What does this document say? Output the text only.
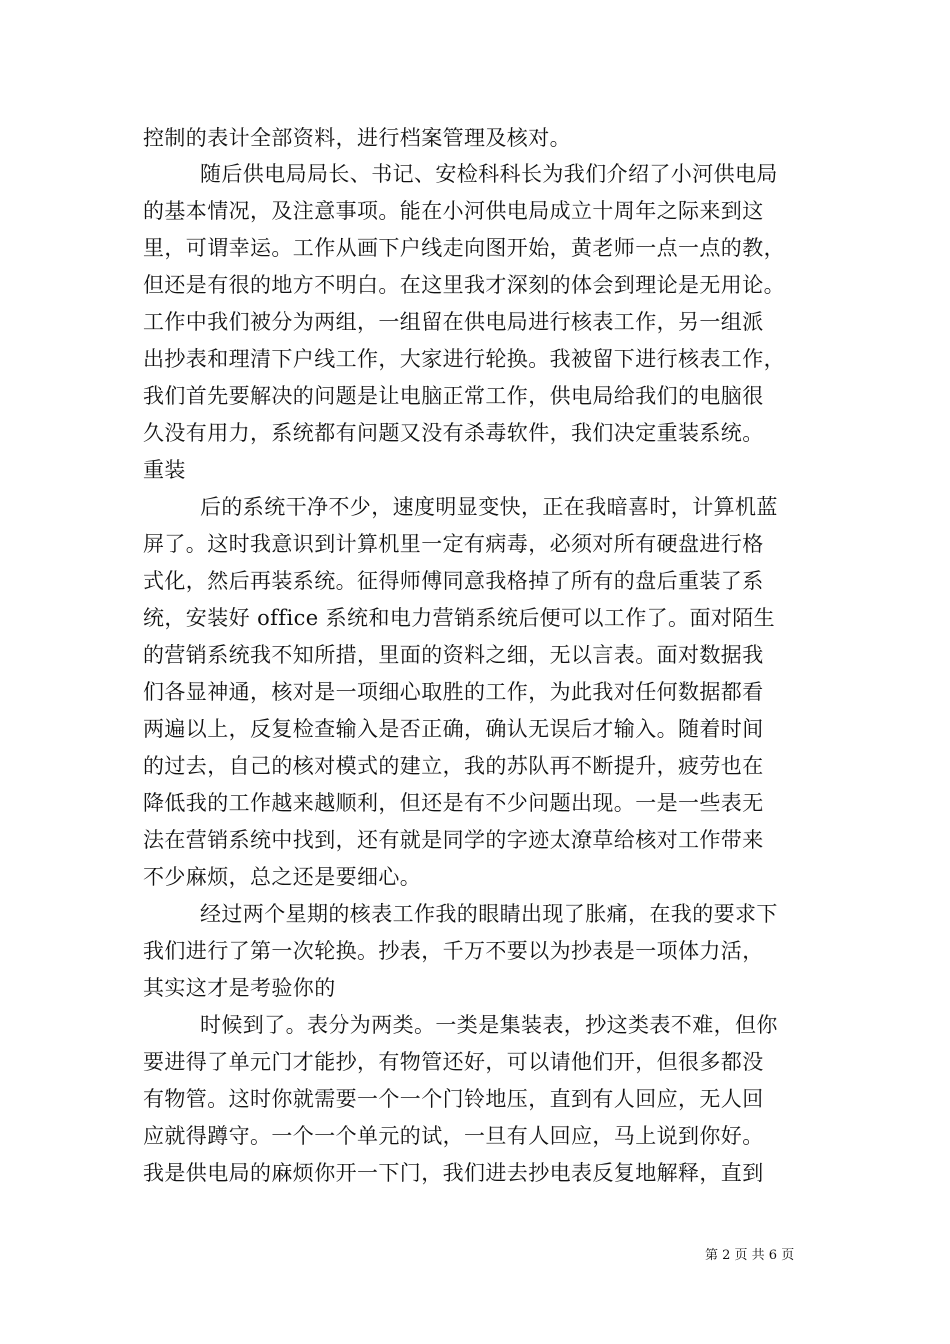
控制的表计全部资料，进行档案管理及核对。
随后供电局局长、书记、安检科科长为我们介绍了小河供电局
的基本情况，及注意事项。能在小河供电局成立十周年之际来到这
里，可谓幸运。工作从画下户线走向图开始，黄老师一点一点的教，
但还是有很的地方不明白。在这里我才深刻的体会到理论是无用论。
工作中我们被分为两组，一组留在供电局进行核表工作，另一组派
出抄表和理清下户线工作，大家进行轮换。我被留下进行核表工作，
我们首先要解决的问题是让电脑正常工作，供电局给我们的电脑很
久没有用力，系统都有问题又没有杀毒软件，我们决定重装系统。
重装
后的系统干净不少，速度明显变快，正在我暗喜时，计算机蓝
屏了。这时我意识到计算机里一定有病毒，必须对所有硬盘进行格
式化，然后再装系统。征得师傅同意我格掉了所有的盘后重装了系
统，安装好 office 系统和电力营销系统后便可以工作了。面对陌生
的营销系统我不知所措，里面的资料之细，无以言表。面对数据我
们各显神通，核对是一项细心取胜的工作，为此我对任何数据都看
两遍以上，反复检查输入是否正确，确认无误后才输入。随着时间
的过去，自己的核对模式的建立，我的苏队再不断提升，疲劳也在
降低我的工作越来越顺利，但还是有不少问题出现。一是一些表无
法在营销系统中找到，还有就是同学的字迹太潦草给核对工作带来
不少麻烦，总之还是要细心。
经过两个星期的核表工作我的眼睛出现了胀痛，在我的要求下
我们进行了第一次轮换。抄表，千万不要以为抄表是一项体力活，
其实这才是考验你的
时候到了。表分为两类。一类是集装表，抄这类表不难，但你
要进得了单元门才能抄，有物管还好，可以请他们开，但很多都没
有物管。这时你就需要一个一个门铃地压，直到有人回应，无人回
应就得蹲守。一个一个单元的试，一旦有人回应，马上说到你好。
我是供电局的麻烦你开一下门，我们进去抄电表反复地解释，直到
第 2 页 共 6 页
